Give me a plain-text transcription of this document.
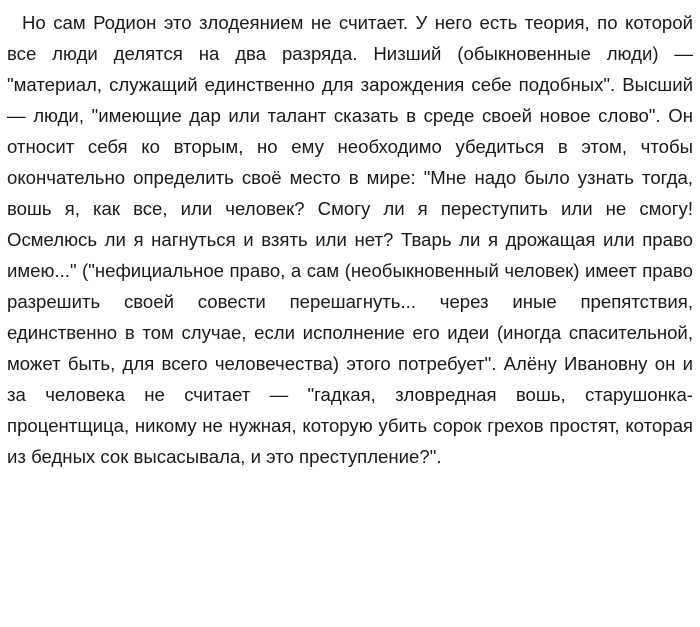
Но сам Родион это злодеянием не считает. У него есть теория, по которой все люди делятся на два разряда. Низший (обыкновенные люди) — "материал, служащий единственно для зарождения себе подобных". Высший — люди, "имеющие дар или талант сказать в среде своей новое слово". Он относит себя ко вторым, но ему необходимо убедиться в этом, чтобы окончательно определить своё место в мире: "Мне надо было узнать тогда, вошь я, как все, или человек? Смогу ли я переступить или не смогу! Осмелюсь ли я нагнуться и взять или нет? Тварь ли я дрожащая или право имею..." ("нефициальное право, а сам (необыкновенный человек) имеет право разрешить своей совести перешагнуть... через иные препятствия, единственно в том случае, если исполнение его идеи (иногда спасительной, может быть, для всего человечества) этого потребует". Алёну Ивановну он и за человека не считает — "гадкая, зловредная вошь, старушонка-процентщица, никому не нужная, которую убить сорок грехов простят, которая из бедных сок высасывала, и это преступление?".
